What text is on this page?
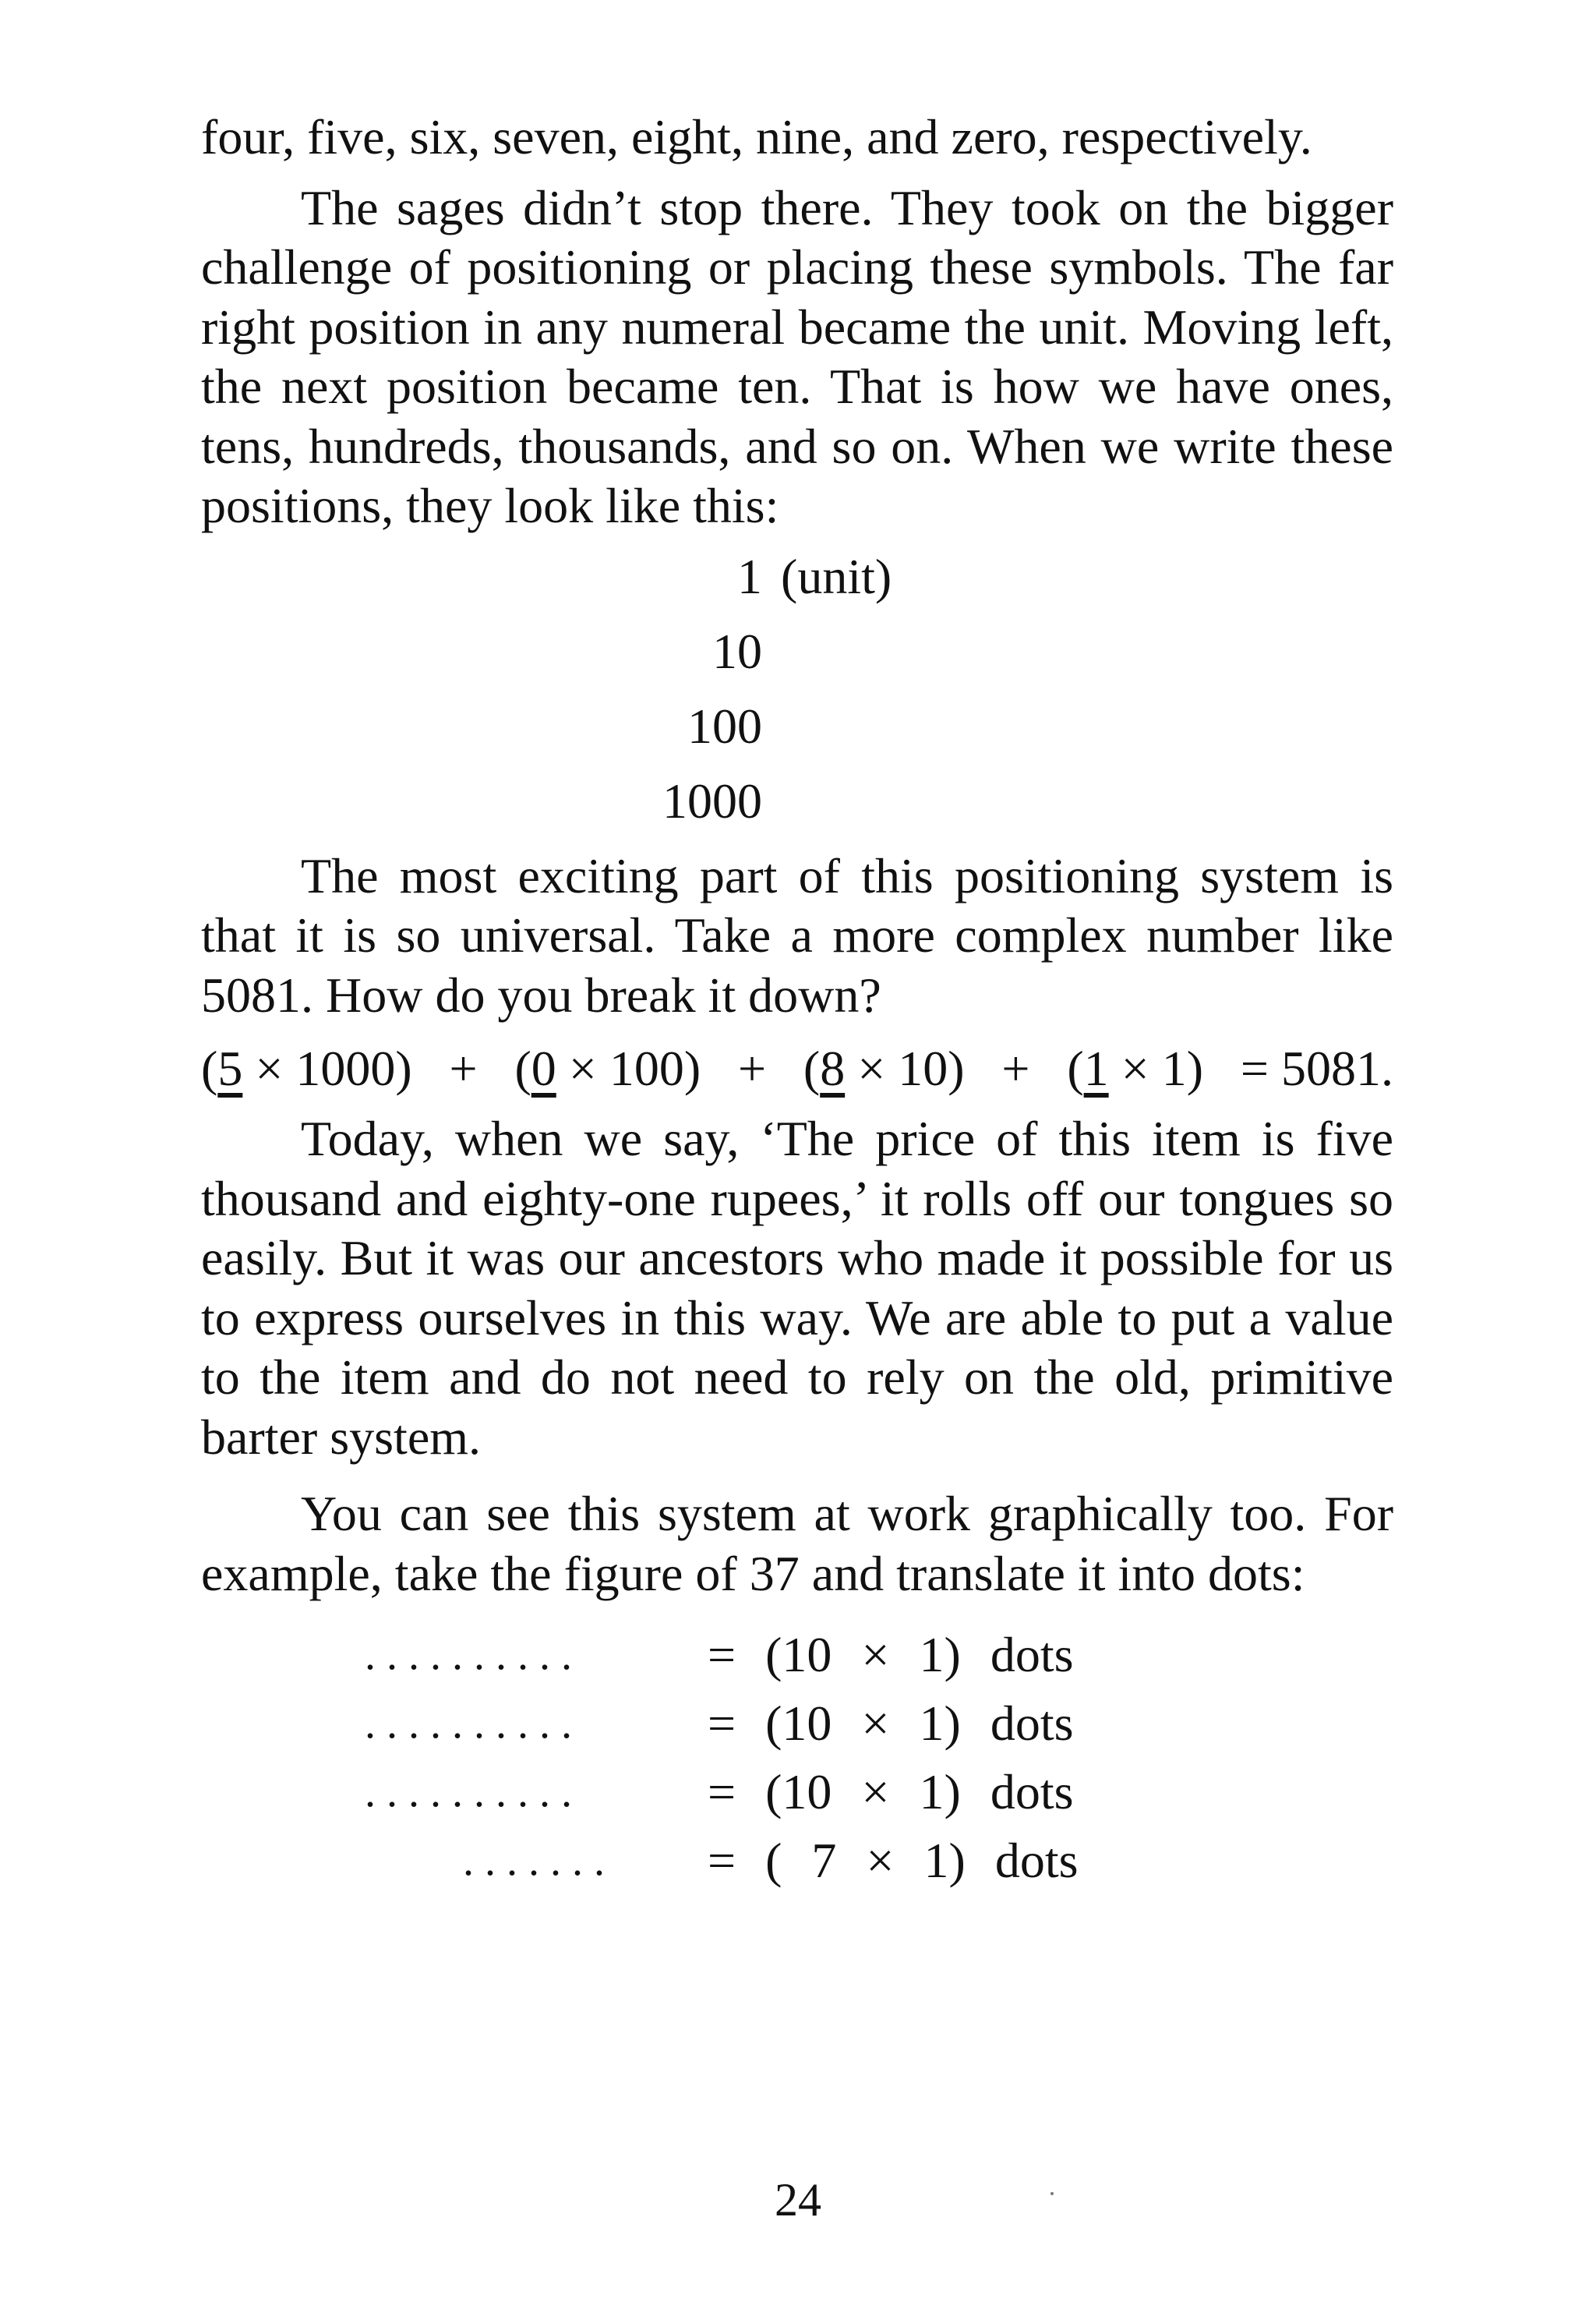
four, five, six, seven, eight, nine, and zero, respectively.

The sages didn’t stop there. They took on the bigger challenge of positioning or placing these symbols. The far right position in any numeral became the unit. Moving left, the next position became ten. That is how we have ones, tens, hundreds, thousands, and so on. When we write these positions, they look like this:

1 (unit)
10
100
1000

The most exciting part of this positioning system is that it is so universal. Take a more complex number like 5081. How do you break it down?

(5 × 1000) + (0 × 100) + (8 × 10) + (1 × 1) = 5081.

Today, when we say, ‘The price of this item is five thousand and eighty-one rupees,’ it rolls off our tongues so easily. But it was our ancestors who made it possible for us to express ourselves in this way. We are able to put a value to the item and do not need to rely on the old, primitive barter system.

You can see this system at work graphically too. For example, take the figure of 37 and translate it into dots:

..........	= (10 × 1) dots
..........	= (10 × 1) dots
..........	= (10 × 1) dots
....... = ( 7 × 1) dots
24
